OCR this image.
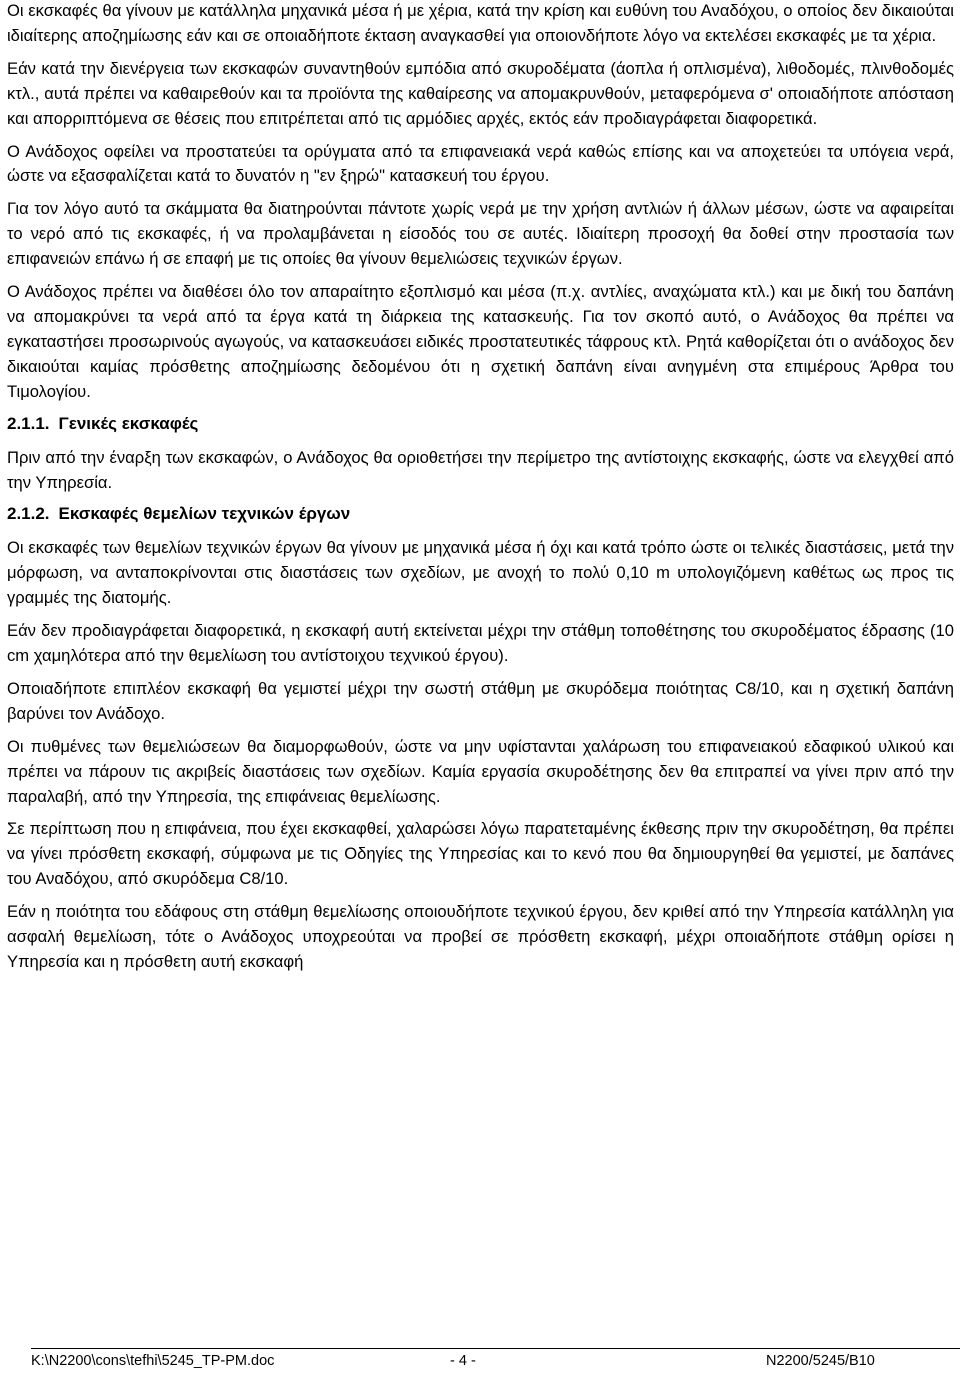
Οι εκσκαφές θα γίνουν με κατάλληλα μηχανικά μέσα ή με χέρια, κατά την κρίση και ευθύνη του Αναδόχου, ο οποίος δεν δικαιούται ιδιαίτερης αποζημίωσης εάν και σε οποιαδήποτε έκταση αναγκασθεί για οποιονδήποτε λόγο να εκτελέσει εκσκαφές με τα χέρια.

Εάν κατά την διενέργεια των εκσκαφών συναντηθούν εμπόδια από σκυροδέματα (άοπλα ή οπλισμένα), λιθοδομές, πλινθοδομές κτλ., αυτά πρέπει να καθαιρεθούν και τα προϊόντα της καθαίρεσης να απομακρυνθούν, μεταφερόμενα σ' οποιαδήποτε απόσταση και απορριπτόμενα σε θέσεις που επιτρέπεται από τις αρμόδιες αρχές, εκτός εάν προδιαγράφεται διαφορετικά.

Ο Ανάδοχος οφείλει να προστατεύει τα ορύγματα από τα επιφανειακά νερά καθώς επίσης και να αποχετεύει τα υπόγεια νερά, ώστε να εξασφαλίζεται κατά το δυνατόν η "εν ξηρώ" κατασκευή του έργου.

Για τον λόγο αυτό τα σκάμματα θα διατηρούνται πάντοτε χωρίς νερά με την χρήση αντλιών ή άλλων μέσων, ώστε να αφαιρείται το νερό από τις εκσκαφές, ή να προλαμβάνεται η είσοδός του σε αυτές. Ιδιαίτερη προσοχή θα δοθεί στην προστασία των επιφανειών επάνω ή σε επαφή με τις οποίες θα γίνουν θεμελιώσεις τεχνικών έργων.

Ο Ανάδοχος πρέπει να διαθέσει όλο τον απαραίτητο εξοπλισμό και μέσα (π.χ. αντλίες, αναχώματα κτλ.) και με δική του δαπάνη να απομακρύνει τα νερά από τα έργα κατά τη διάρκεια της κατασκευής. Για τον σκοπό αυτό, ο Ανάδοχος θα πρέπει να εγκαταστήσει προσωρινούς αγωγούς, να κατασκευάσει ειδικές προστατευτικές τάφρους κτλ. Ρητά καθορίζεται ότι ο ανάδοχος δεν δικαιούται καμίας πρόσθετης αποζημίωσης δεδομένου ότι η σχετική δαπάνη είναι ανηγμένη στα επιμέρους Άρθρα του Τιμολογίου.

2.1.1. Γενικές εκσκαφές

Πριν από την έναρξη των εκσκαφών, ο Ανάδοχος θα οριοθετήσει την περίμετρο της αντίστοιχης εκσκαφής, ώστε να ελεγχθεί από την Υπηρεσία.

2.1.2. Εκσκαφές θεμελίων τεχνικών έργων

Οι εκσκαφές των θεμελίων τεχνικών έργων θα γίνουν με μηχανικά μέσα ή όχι και κατά τρόπο ώστε οι τελικές διαστάσεις, μετά την μόρφωση, να ανταποκρίνονται στις διαστάσεις των σχεδίων, με ανοχή το πολύ 0,10 m υπολογιζόμενη καθέτως ως προς τις γραμμές της διατομής.

Εάν δεν προδιαγράφεται διαφορετικά, η εκσκαφή αυτή εκτείνεται μέχρι την στάθμη τοποθέτησης του σκυροδέματος έδρασης (10 cm χαμηλότερα από την θεμελίωση του αντίστοιχου τεχνικού έργου).

Οποιαδήποτε επιπλέον εκσκαφή θα γεμιστεί μέχρι την σωστή στάθμη με σκυρόδεμα ποιότητας C8/10, και η σχετική δαπάνη βαρύνει τον Ανάδοχο.

Οι πυθμένες των θεμελιώσεων θα διαμορφωθούν, ώστε να μην υφίστανται χαλάρωση του επιφανειακού εδαφικού υλικού και πρέπει να πάρουν τις ακριβείς διαστάσεις των σχεδίων. Καμία εργασία σκυροδέτησης δεν θα επιτραπεί να γίνει πριν από την παραλαβή, από την Υπηρεσία, της επιφάνειας θεμελίωσης.

Σε περίπτωση που η επιφάνεια, που έχει εκσκαφθεί, χαλαρώσει λόγω παρατεταμένης έκθεσης πριν την σκυροδέτηση, θα πρέπει να γίνει πρόσθετη εκσκαφή, σύμφωνα με τις Οδηγίες της Υπηρεσίας και το κενό που θα δημιουργηθεί θα γεμιστεί, με δαπάνες του Αναδόχου, από σκυρόδεμα C8/10.

Εάν η ποιότητα του εδάφους στη στάθμη θεμελίωσης οποιουδήποτε τεχνικού έργου, δεν κριθεί από την Υπηρεσία κατάλληλη για ασφαλή θεμελίωση, τότε ο Ανάδοχος υποχρεούται να προβεί σε πρόσθετη εκσκαφή, μέχρι οποιαδήποτε στάθμη ορίσει η Υπηρεσία και η πρόσθετη αυτή εκσκαφή

K:\N2200\cons\tefhi\5245_TP-PM.doc	- 4 -	N2200/5245/B10
